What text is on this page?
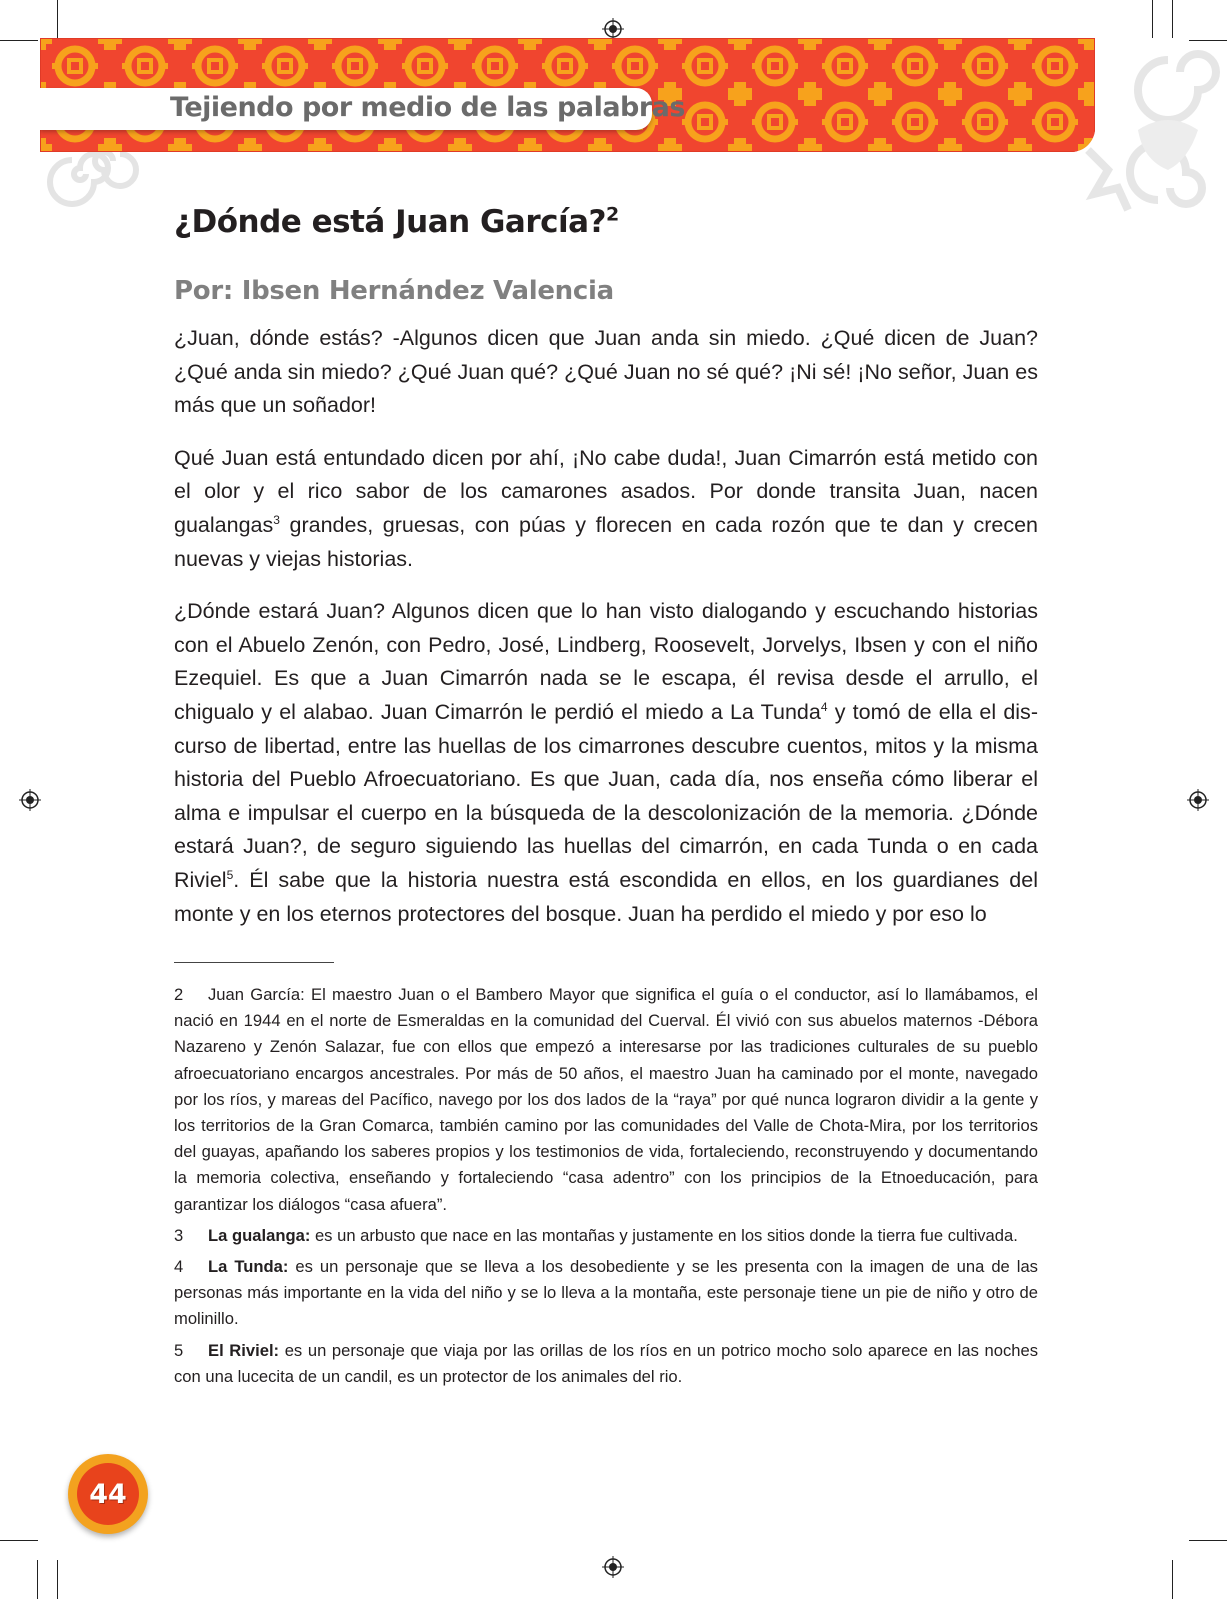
Tejiendo por medio de las palabras
¿Dónde está Juan García?$^2$
Por: Ibsen Hernández Valencia

¿Juan, dónde estás? -Algunos dicen que Juan anda sin miedo. ¿Qué dicen de Juan? ¿Qué anda sin miedo? ¿Qué Juan qué? ¿Qué Juan no sé qué? ¡Ni sé! ¡No señor, Juan es más que un soñador!

Qué Juan está entundado dicen por ahí, ¡No cabe duda!, Juan Cimarrón está metido con el olor y el rico sabor de los camarones asados. Por donde transita Juan, nacen gualangas$^3$ grandes, gruesas, con púas y florecen en cada rozón que te dan y crecen nuevas y viejas historias.

¿Dónde estará Juan? Algunos dicen que lo han visto dialogando y escuchando historias con el Abuelo Zenón, con Pedro, José, Lindberg, Roosevelt, Jorvelys, Ibsen y con el niño Ezequiel. Es que a Juan Cimarrón nada se le escapa, él revisa desde el arrullo, el chigualo y el alabao. Juan Cimarrón le perdió el miedo a La Tunda$^4$ y tomó de ella el discurso de libertad, entre las huellas de los cimarrones descubre cuentos, mitos y la misma historia del Pueblo Afroecuatoriano. Es que Juan, cada día, nos enseña cómo liberar el alma e impulsar el cuerpo en la búsqueda de la descolonización de la memoria. ¿Dónde estará Juan?, de seguro siguiendo las huellas del cimarrón, en cada Tunda o en cada Riviel$^5$. Él sabe que la historia nuestra está escondida en ellos, en los guardianes del monte y en los eternos protectores del bosque. Juan ha perdido el miedo y por eso lo

2 Juan García: El maestro Juan o el Bambero Mayor que significa el guía o el conductor, así lo llamábamos, el nació en 1944 en el norte de Esmeraldas en la comunidad del Cuerval. Él vivió con sus abuelos maternos -Débora Nazareno y Zenón Salazar, fue con ellos que empezó a interesarse por las tradiciones culturales de su pueblo afroecuatoriano encargos ancestrales. Por más de 50 años, el maestro Juan ha caminado por el monte, navegado por los ríos, y mareas del Pacífico, navego por los dos lados de la “raya” por qué nunca lograron dividir a la gente y los territorios de la Gran Comarca, también camino por las comunidades del Valle de Chota-Mira, por los territorios del guayas, apañando los saberes propios y los testimonios de vida, fortaleciendo, reconstruyendo y documentando la memoria colectiva, enseñando y fortaleciendo “casa adentro” con los principios de la Etnoeducación, para garantizar los diálogos “casa afuera”.

3 La gualanga: es un arbusto que nace en las montañas y justamente en los sitios donde la tierra fue cultivada.

4 La Tunda: es un personaje que se lleva a los desobediente y se les presenta con la imagen de una de las personas más importante en la vida del niño y se lo lleva a la montaña, este personaje tiene un pie de niño y otro de molinillo.

5 El Riviel: es un personaje que viaja por las orillas de los ríos en un potrico mocho solo aparece en las noches con una lucecita de un candil, es un protector de los animales del rio.

44
